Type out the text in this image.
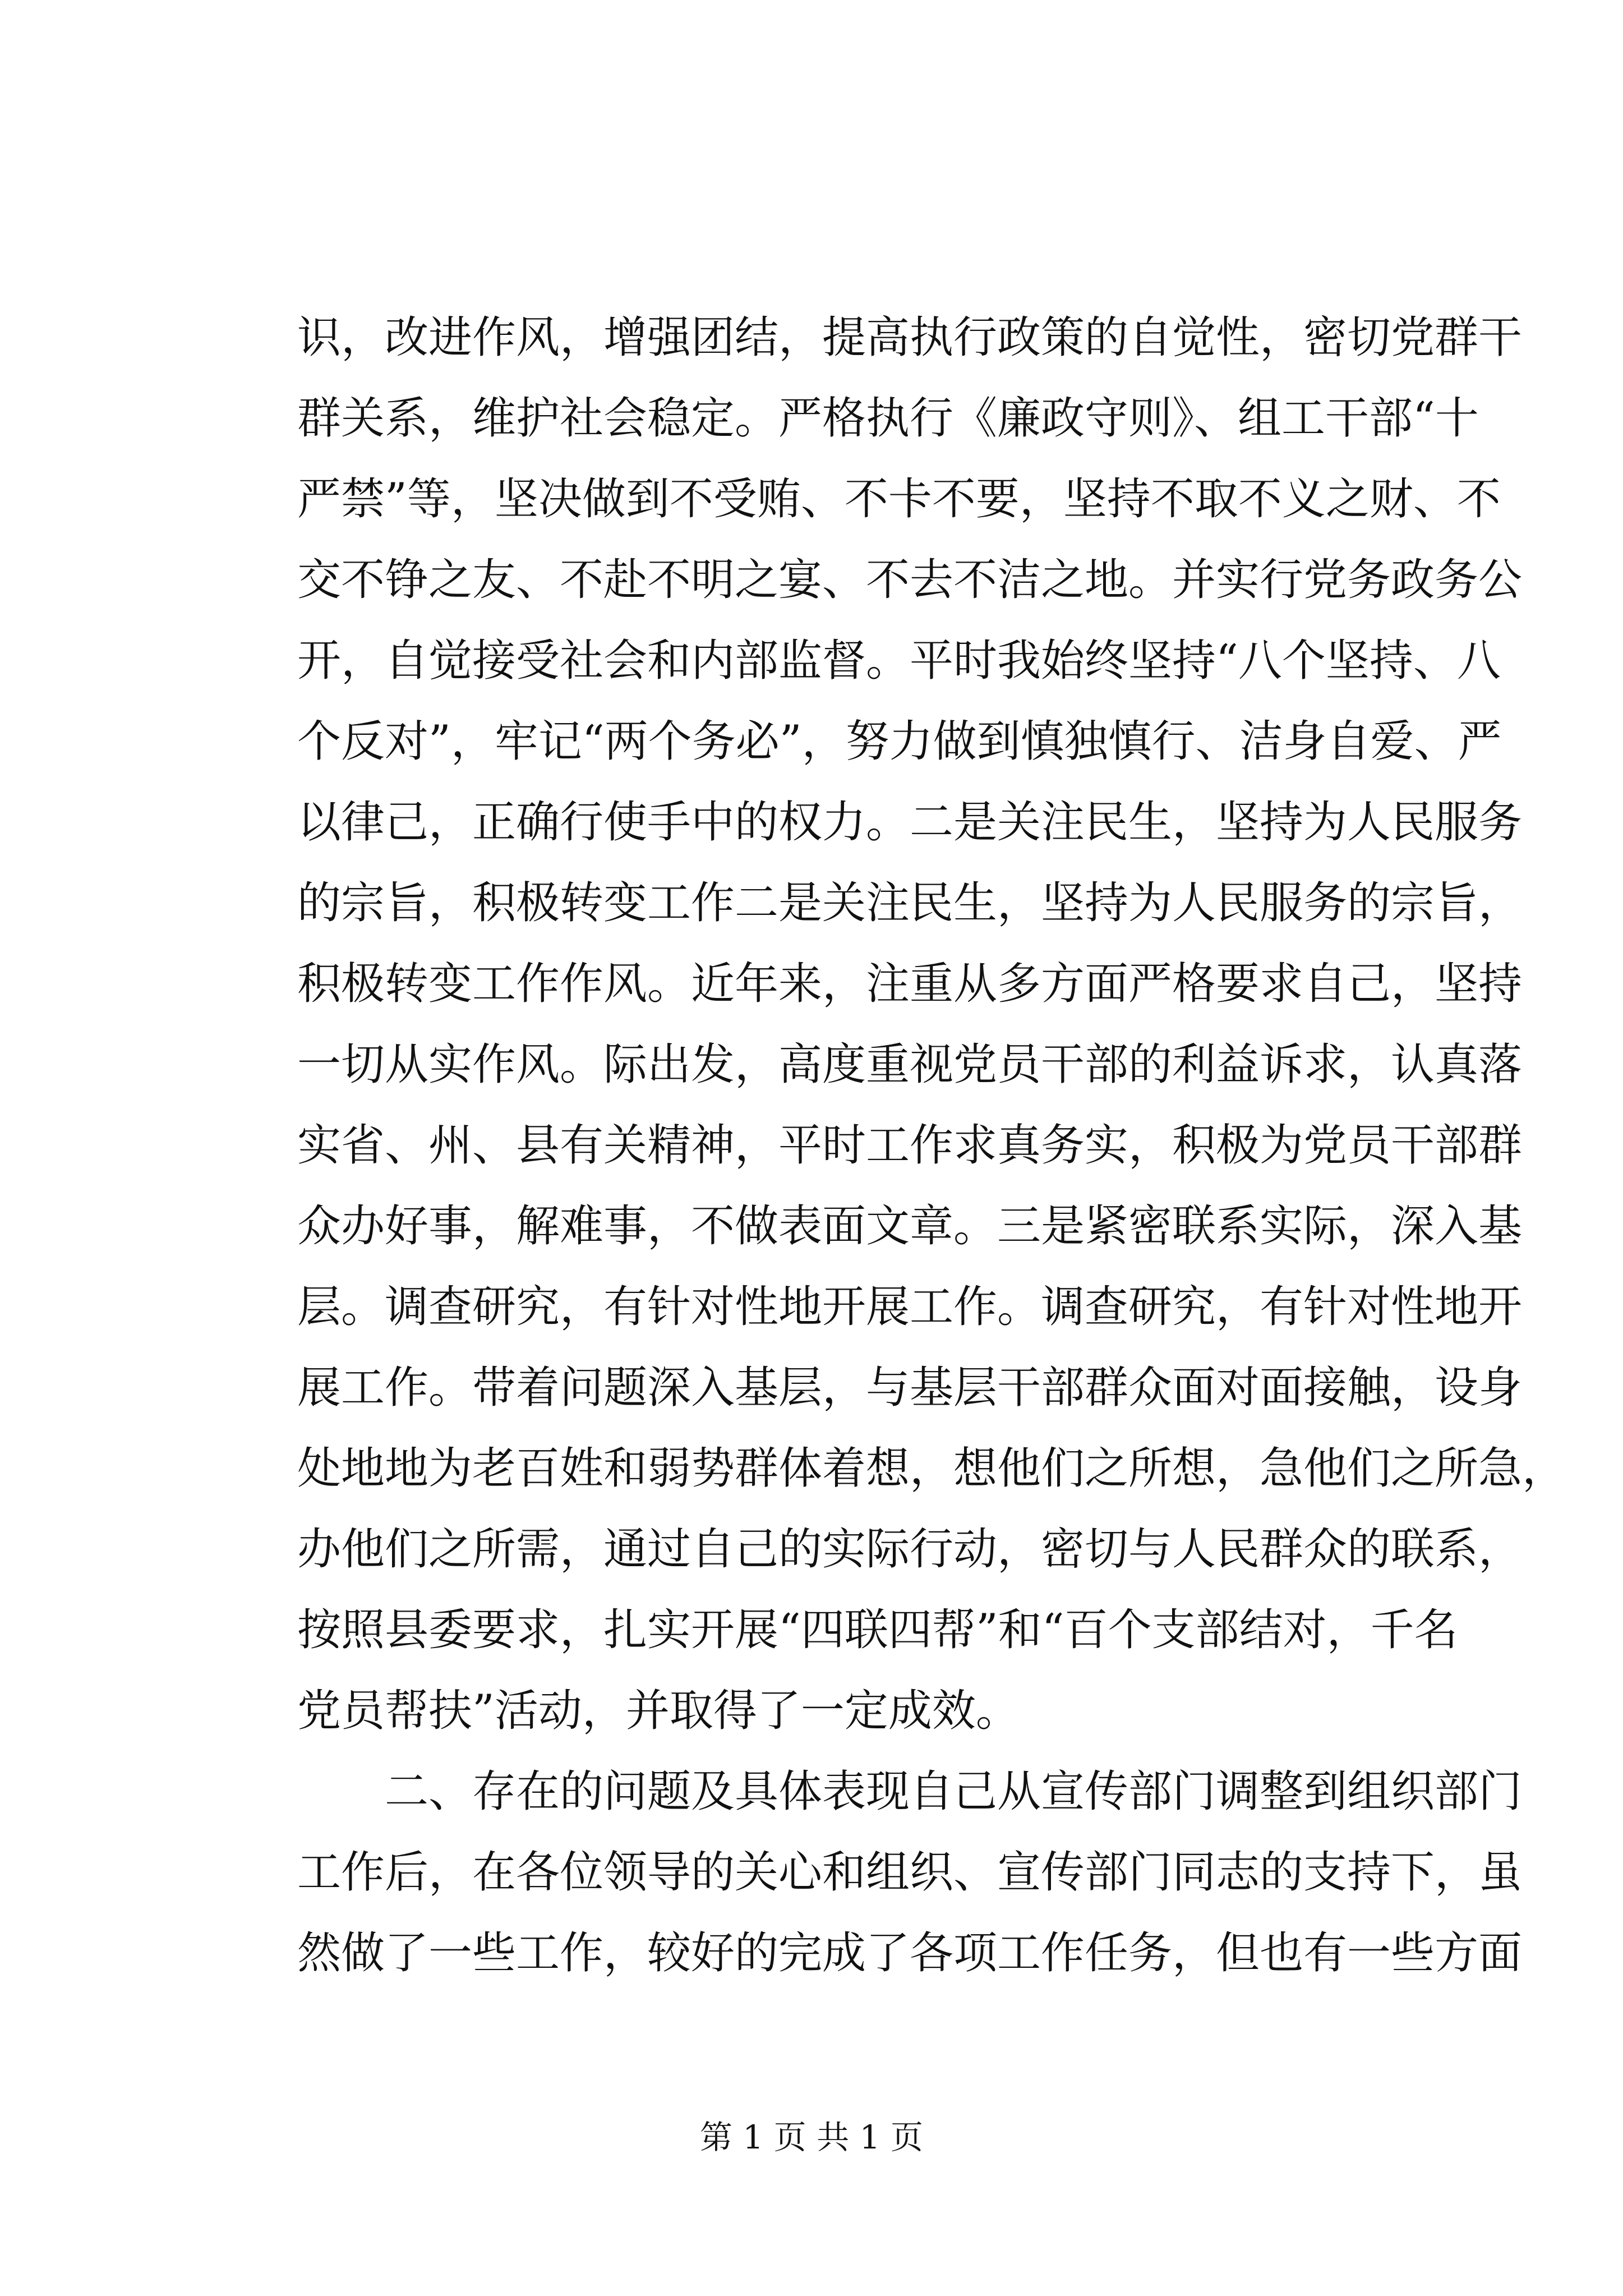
识，改进作风，增强团结，提高执行政策的自觉性，密切党群干
群关系，维护社会稳定。严格执行《廉政守则》、组工干部“十
严禁”等，坚决做到不受贿、不卡不要，坚持不取不义之财、不
交不铮之友、不赴不明之宴、不去不洁之地。并实行党务政务公
开，自觉接受社会和内部监督。平时我始终坚持“八个坚持、八
个反对”，牢记“两个务必”，努力做到慎独慎行、洁身自爱、严
以律己，正确行使手中的权力。二是关注民生，坚持为人民服务
的宗旨，积极转变工作二是关注民生，坚持为人民服务的宗旨，
积极转变工作作风。近年来，注重从多方面严格要求自己，坚持
一切从实作风。际出发，高度重视党员干部的利益诉求，认真落
实省、州、县有关精神，平时工作求真务实，积极为党员干部群
众办好事，解难事，不做表面文章。三是紧密联系实际，深入基
层。调查研究，有针对性地开展工作。调查研究，有针对性地开
展工作。带着问题深入基层，与基层干部群众面对面接触，设身
处地地为老百姓和弱势群体着想，想他们之所想，急他们之所急，
办他们之所需，通过自己的实际行动，密切与人民群众的联系，
按照县委要求，扎实开展“四联四帮”和“百个支部结对，千名
党员帮扶”活动，并取得了一定成效。
　　二、存在的问题及具体表现自己从宣传部门调整到组织部门
工作后，在各位领导的关心和组织、宣传部门同志的支持下，虽
然做了一些工作，较好的完成了各项工作任务，但也有一些方面
第 1 页 共 1 页
